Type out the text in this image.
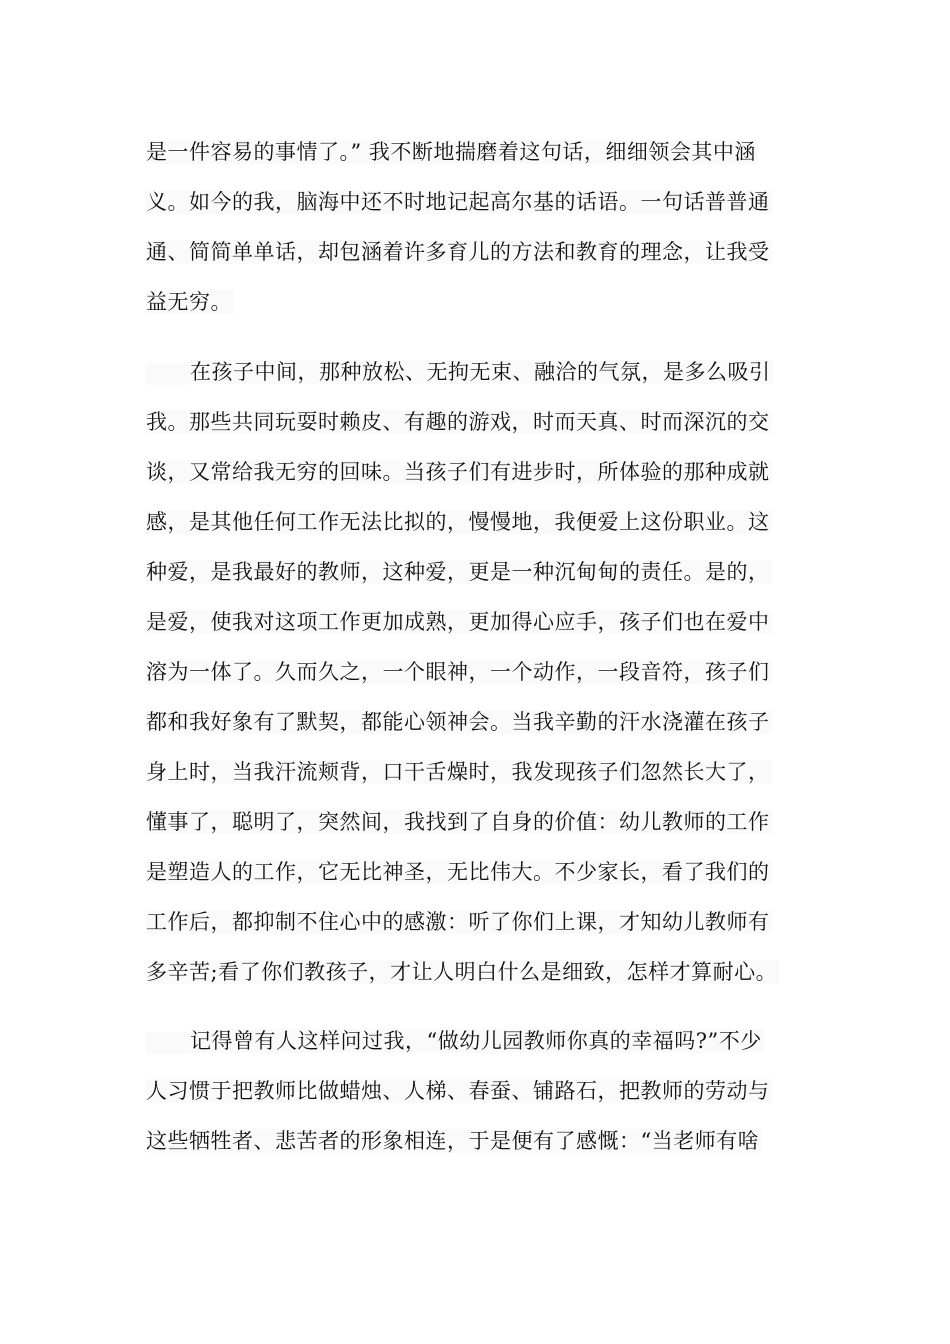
是一件容易的事情了。” 我不断地揣磨着这句话，细细领会其中涵
义。如今的我，脑海中还不时地记起高尔基的话语。一句话普普通
通、简简单单话，却包涵着许多育儿的方法和教育的理念，让我受
益无穷。
在孩子中间，那种放松、无拘无束、融洽的气氛，是多么吸引
我。那些共同玩耍时赖皮、有趣的游戏，时而天真、时而深沉的交
谈，又常给我无穷的回味。当孩子们有进步时，所体验的那种成就
感，是其他任何工作无法比拟的，慢慢地，我便爱上这份职业。这
种爱，是我最好的教师，这种爱，更是一种沉甸甸的责任。是的，
是爱，使我对这项工作更加成熟，更加得心应手，孩子们也在爱中
溶为一体了。久而久之，一个眼神，一个动作，一段音符，孩子们
都和我好象有了默契，都能心领神会。当我辛勤的汗水浇灌在孩子
身上时，当我汗流颊背，口干舌燥时，我发现孩子们忽然长大了，
懂事了，聪明了，突然间，我找到了自身的价值：幼儿教师的工作
是塑造人的工作，它无比神圣，无比伟大。不少家长，看了我们的
工作后，都抑制不住心中的感激：听了你们上课，才知幼儿教师有
多辛苦;看了你们教孩子，才让人明白什么是细致，怎样才算耐心。
记得曾有人这样问过我，“做幼儿园教师你真的幸福吗?”不少
人习惯于把教师比做蜡烛、人梯、春蚕、铺路石，把教师的劳动与
这些牺牲者、悲苦者的形象相连，于是便有了感慨：“当老师有啥
